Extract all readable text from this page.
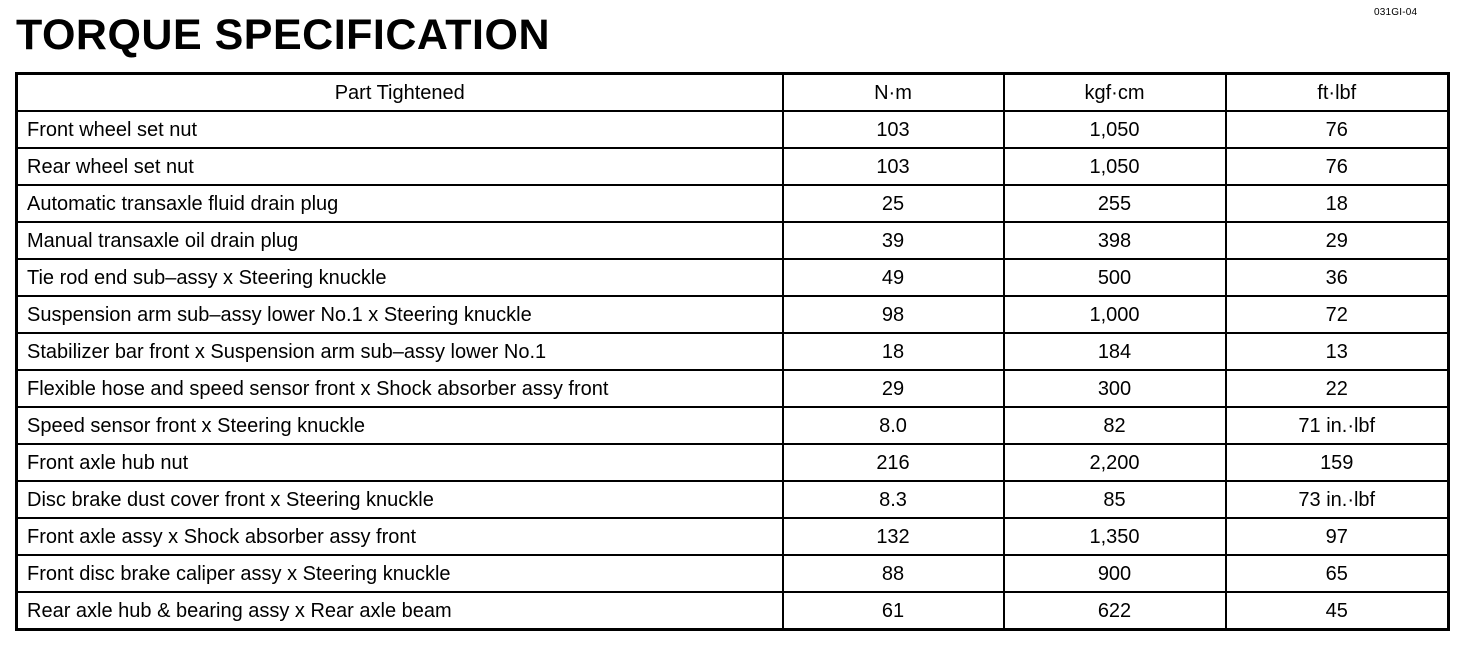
031GI-04
TORQUE SPECIFICATION
Part Tightened	N·m	kgf·cm	ft·lbf
Front wheel set nut	103	1,050	76
Rear wheel set nut	103	1,050	76
Automatic transaxle fluid drain plug	25	255	18
Manual transaxle oil drain plug	39	398	29
Tie rod end sub–assy x Steering knuckle	49	500	36
Suspension arm sub–assy lower No.1 x Steering knuckle	98	1,000	72
Stabilizer bar front x Suspension arm sub–assy lower No.1	18	184	13
Flexible hose and speed sensor front x Shock absorber assy front	29	300	22
Speed sensor front x Steering knuckle	8.0	82	71 in.·lbf
Front axle hub nut	216	2,200	159
Disc brake dust cover front x Steering knuckle	8.3	85	73 in.·lbf
Front axle assy x Shock absorber assy front	132	1,350	97
Front disc brake caliper assy x Steering knuckle	88	900	65
Rear axle hub & bearing assy x Rear axle beam	61	622	45
